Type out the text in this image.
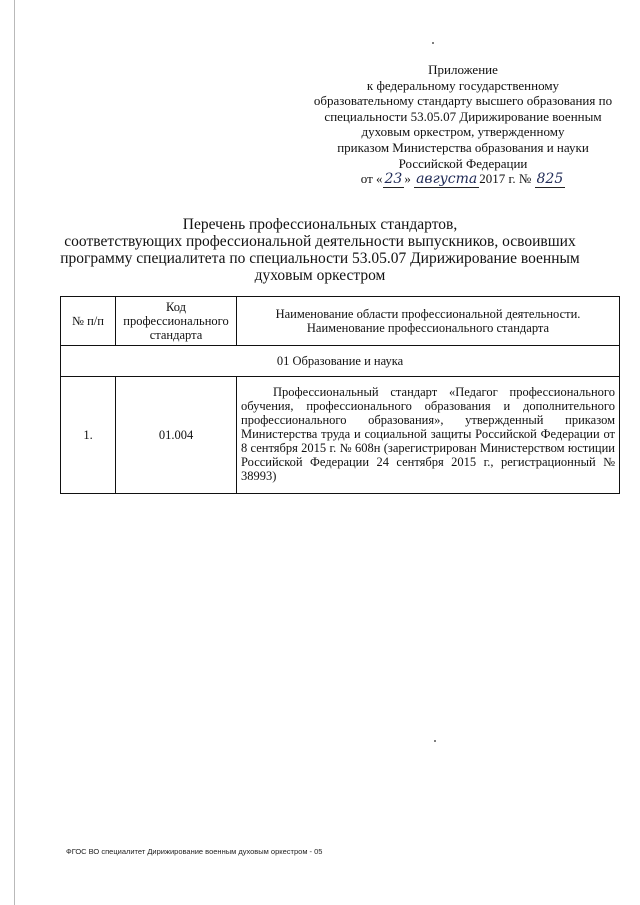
Приложение
к федеральному государственному
образовательному стандарту высшего образования по
специальности 53.05.07 Дирижирование военным
духовым оркестром, утвержденному
приказом Министерства образования и науки
Российской Федерации
от « 23 » августа 2017 г. № 825
Перечень профессиональных стандартов,
соответствующих профессиональной деятельности выпускников, освоивших
программу специалитета по специальности 53.05.07 Дирижирование военным
духовым оркестром
№ п/п	Код профессионального стандарта	Наименование области профессиональной деятельности.
Наименование профессионального стандарта

01 Образование и наука		
1.	01.004	Профессиональный стандарт «Педагог профессионального обучения, профессионального образования и дополнительного профессионального образования», утвержденный приказом Министерства труда и социальной защиты Российской Федерации от 8 сентября 2015 г. № 608н (зарегистрирован Министерством юстиции Российской Федерации 24 сентября 2015 г., регистрационный № 38993)
ФГОС ВО специалитет Дирижирование военным духовым оркестром - 05
